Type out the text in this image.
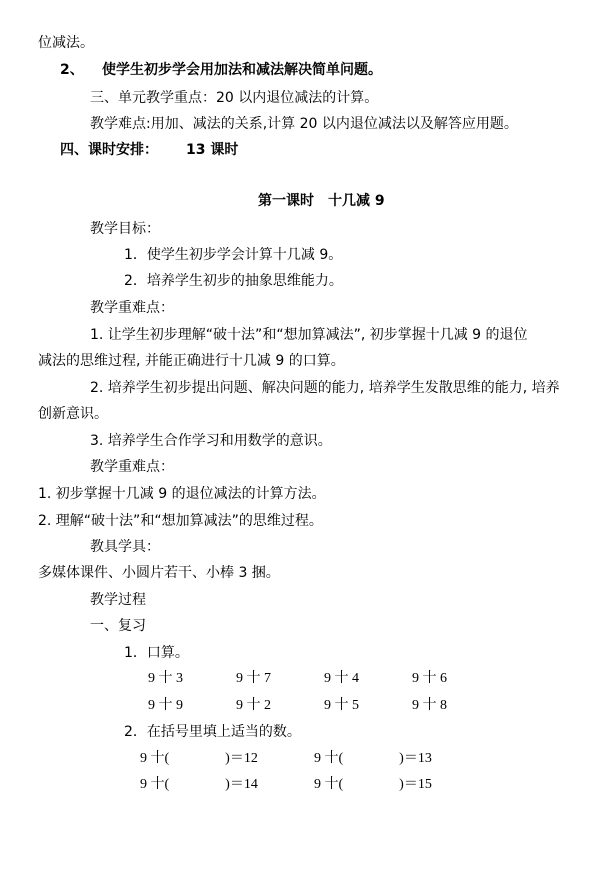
位减法。
2、 使学生初步学会用加法和减法解决简单问题。
三、单元教学重点：20 以内退位减法的计算。
教学难点:用加、减法的关系,计算 20 以内退位减法以及解答应用题。
四、课时安排： 13 课时
第一课时　十几减 9
教学目标：
1．使学生初步学会计算十几减 9。
2．培养学生初步的抽象思维能力。
教学重难点：
1. 让学生初步理解“破十法”和“想加算减法”, 初步掌握十几减 9 的退位
减法的思维过程, 并能正确进行十几减 9 的口算。
2. 培养学生初步提出问题、解决问题的能力, 培养学生发散思维的能力, 培养
创新意识。
3. 培养学生合作学习和用数学的意识。
教学重难点：
1. 初步掌握十几减 9 的退位减法的计算方法。
2. 理解“破十法”和“想加算减法”的思维过程。
教具学具：
多媒体课件、小圆片若干、小棒 3 捆。
教学过程
一、复习
1．口算。
9 十 3	9 十 7	9 十 4	9 十 6
9 十 9	9 十 2	9 十 5	9 十 8
2．在括号里填上适当的数。
9 十(　　　　)＝12	9 十(　　　　)＝13
9 十(　　　　)＝14	9 十(　　　　)＝15
